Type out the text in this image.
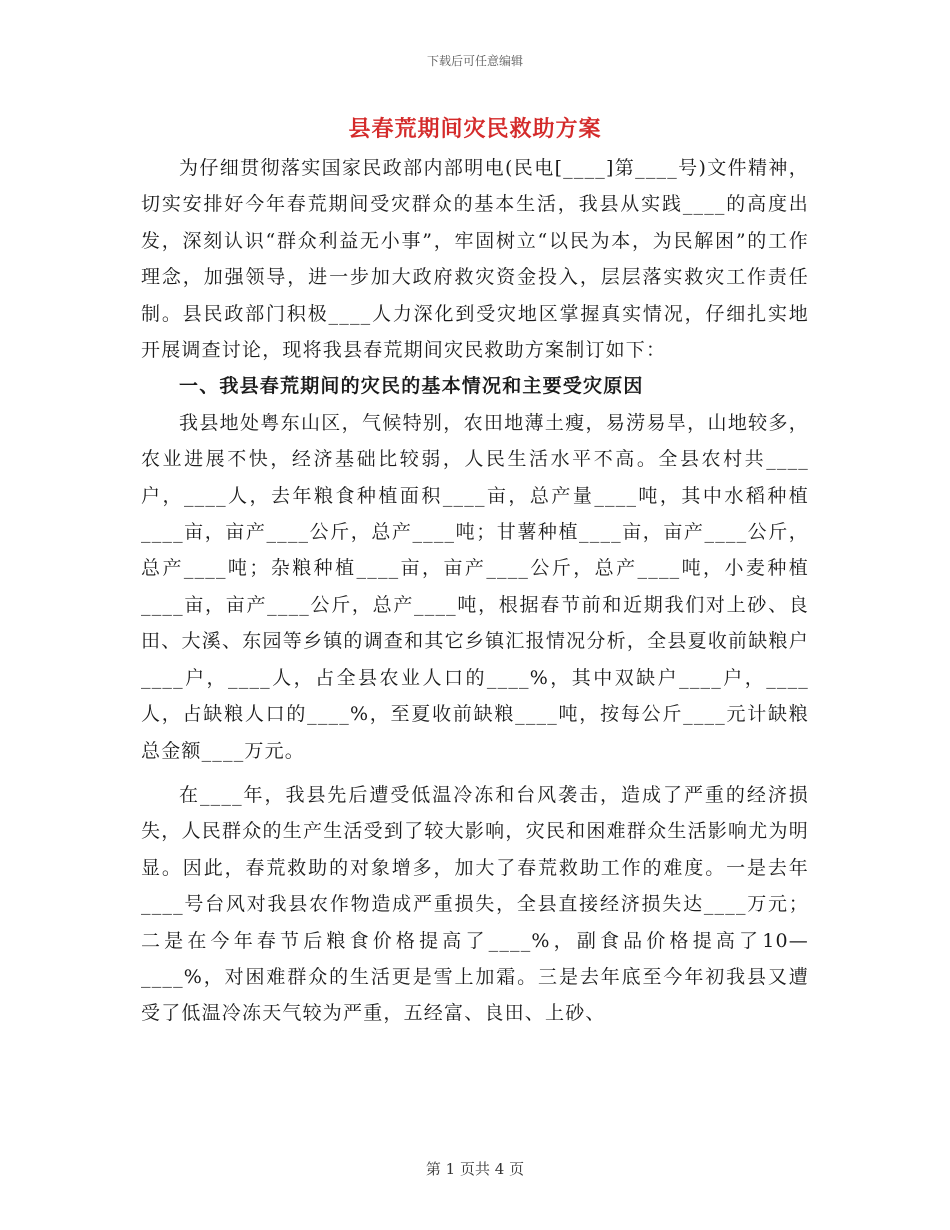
下载后可任意编辑
县春荒期间灾民救助方案

为仔细贯彻落实国家民政部内部明电(民电[____]第____号)文件精神，切实安排好今年春荒期间受灾群众的基本生活，我县从实践____的高度出发，深刻认识“群众利益无小事”，牢固树立“以民为本，为民解困”的工作理念，加强领导，进一步加大政府救灾资金投入，层层落实救灾工作责任制。县民政部门积极____人力深化到受灾地区掌握真实情况，仔细扎实地开展调查讨论，现将我县春荒期间灾民救助方案制订如下：

一、我县春荒期间的灾民的基本情况和主要受灾原因

我县地处粤东山区，气候特别，农田地薄土瘦，易涝易旱，山地较多，农业进展不快，经济基础比较弱，人民生活水平不高。全县农村共____户，____人，去年粮食种植面积____亩，总产量____吨，其中水稻种植____亩，亩产____公斤，总产____吨；甘薯种植____亩，亩产____公斤，总产____吨；杂粮种植____亩，亩产____公斤，总产____吨，小麦种植____亩，亩产____公斤，总产____吨，根据春节前和近期我们对上砂、良田、大溪、东园等乡镇的调查和其它乡镇汇报情况分析，全县夏收前缺粮户____户，____人，占全县农业人口的____%，其中双缺户____户，____人，占缺粮人口的____%，至夏收前缺粮____吨，按每公斤____元计缺粮总金额____万元。

在____年，我县先后遭受低温冷冻和台风袭击，造成了严重的经济损失，人民群众的生产生活受到了较大影响，灾民和困难群众生活影响尤为明显。因此，春荒救助的对象增多，加大了春荒救助工作的难度。一是去年____号台风对我县农作物造成严重损失，全县直接经济损失达____万元；二是在今年春节后粮食价格提高了____%，副食品价格提高了10—____%，对困难群众的生活更是雪上加霜。三是去年底至今年初我县又遭受了低温冷冻天气较为严重，五经富、良田、上砂、

第 1 页共 4 页
